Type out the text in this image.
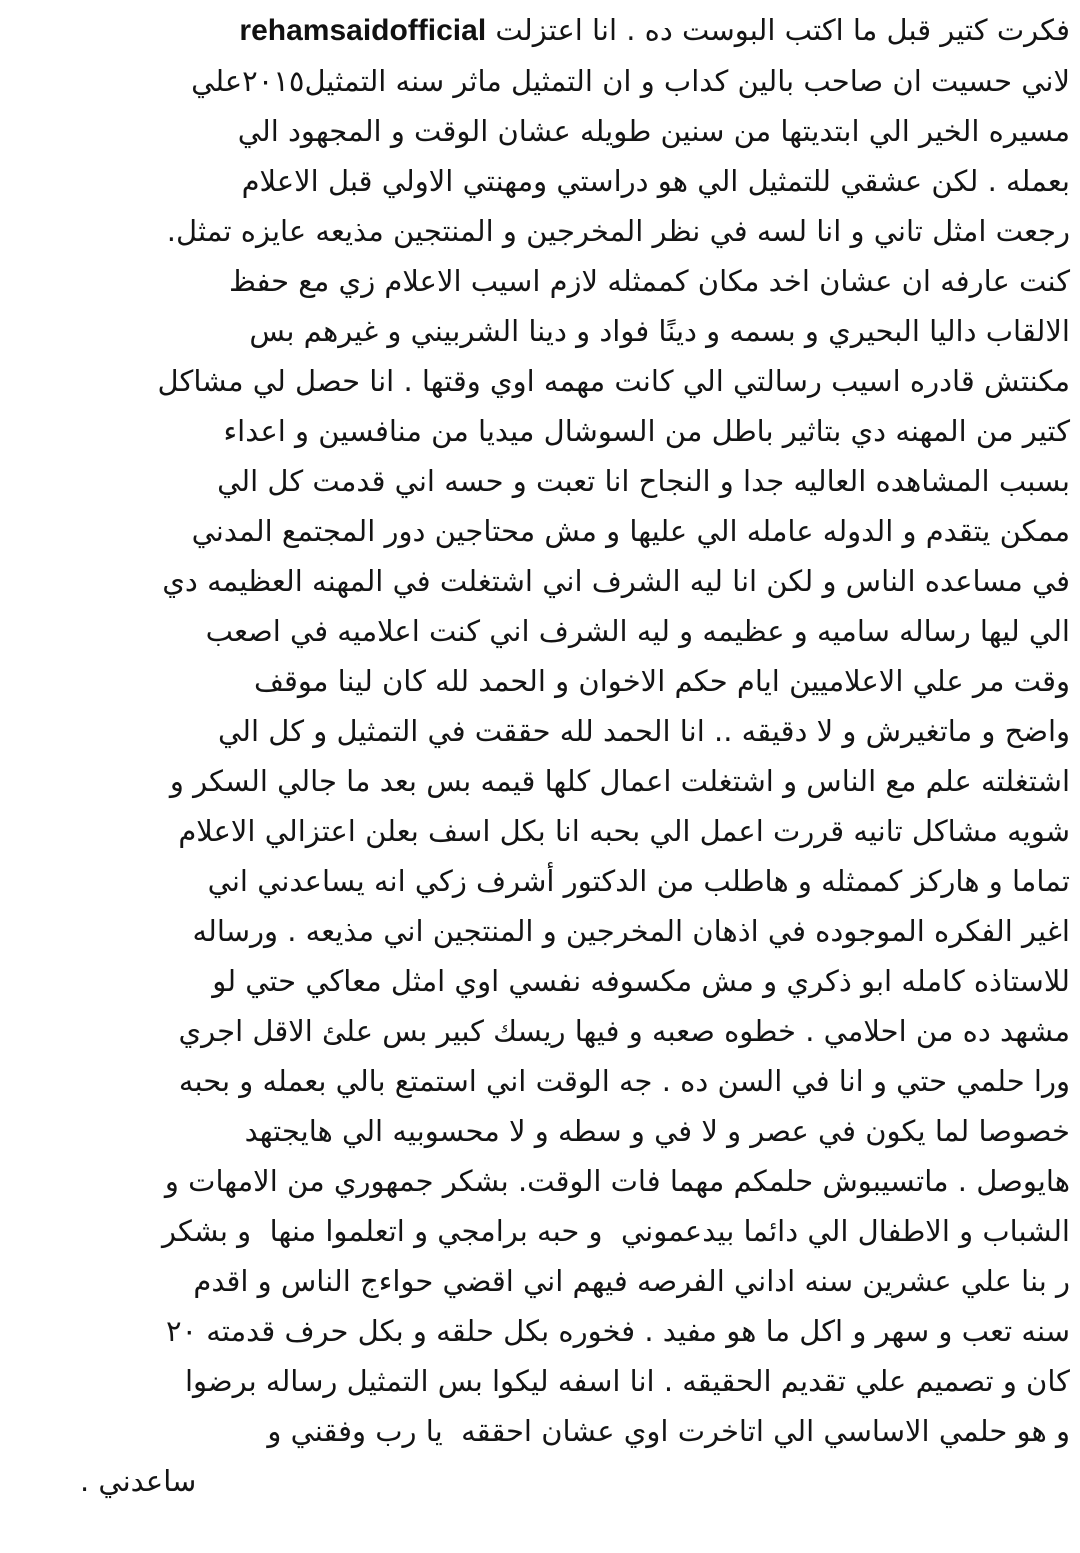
فكرت كتير قبل ما اكتب البوست ده . انا اعتزلت rehamsaidofficial
لاني حسيت ان صاحب بالين كداب و ان التمثيل ماثر سنه التمثيل٢٠١٥علي
مسيره الخير الي ابتديتها من سنين طويله عشان الوقت و المجهود الي
بعمله . لكن عشقي للتمثيل الي هو دراستي ومهنتي الاولي قبل الاعلام
رجعت امثل تاني و انا لسه في نظر المخرجين و المنتجين مذيعه عايزه تمثل.
كنت عارفه ان عشان اخد مكان كممثله لازم اسيب الاعلام زي مع حفظ
الالقاب داليا البحيري و بسمه و دينًا فواد و دينا الشربيني و غيرهم بس
مكنتش قادره اسيب رسالتي الي كانت مهمه اوي وقتها . انا حصل لي مشاكل
كتير من المهنه دي بتاثير باطل من السوشال ميديا من منافسين و اعداء
بسبب المشاهده العاليه جدا و النجاح انا تعبت و حسه اني قدمت كل الي
ممكن يتقدم و الدوله عامله الي عليها و مش محتاجين دور المجتمع المدني
في مساعده الناس و لكن انا ليه الشرف اني اشتغلت في المهنه العظيمه دي
الي ليها رساله ساميه و عظيمه و ليه الشرف اني كنت اعلاميه في اصعب
وقت مر علي الاعلاميين ايام حكم الاخوان و الحمد لله كان لينا موقف
واضح و ماتغيرش و لا دقيقه .. انا الحمد لله حققت في التمثيل و كل الي
اشتغلته علم مع الناس و اشتغلت اعمال كلها قيمه بس بعد ما جالي السكر و
شويه مشاكل تانيه قررت اعمل الي بحبه انا بكل اسف بعلن اعتزالي الاعلام
تماما و هاركز كممثله و هاطلب من الدكتور أشرف زكي انه يساعدني اني
اغير الفكره الموجوده في اذهان المخرجين و المنتجين اني مذيعه . ورساله
للاستاذه كامله ابو ذكري و مش مكسوفه نفسي اوي امثل معاكي حتي لو
مشهد ده من احلامي . خطوه صعبه و فيها ريسك كبير بس علئ الاقل اجري
ورا حلمي حتي و انا في السن ده . جه الوقت اني استمتع بالي بعمله و بحبه
خصوصا لما يكون في عصر و لا في و سطه و لا محسوبيه الي هايجتهد
هايوصل . ماتسيبوش حلمكم مهما فات الوقت. بشكر جمهوري من الامهات و
الشباب و الاطفال الي دائما بيدعموني  و حبه برامجي و اتعلموا منها  و بشكر
ر بنا علي عشرين سنه اداني الفرصه فيهم اني اقضي حواءج الناس و اقدم
سنه تعب و سهر و اكل ما هو مفيد . فخوره بكل حلقه و بكل حرف قدمته ٢٠
كان و تصميم علي تقديم الحقيقه . انا اسفه ليكوا بس التمثيل رساله برضوا
و هو حلمي الاساسي الي اتاخرت اوي عشان احققه  يا رب وفقني و
ساعدني .
